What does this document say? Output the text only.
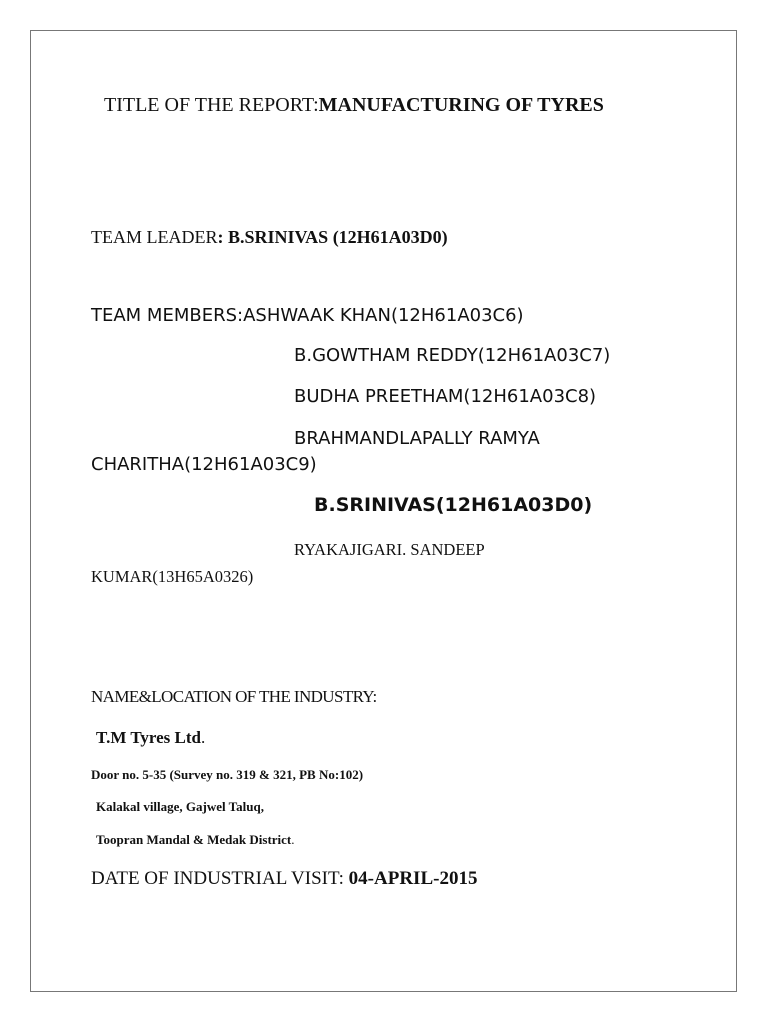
TITLE OF THE REPORT:MANUFACTURING OF TYRES
TEAM LEADER: B.SRINIVAS (12H61A03D0)
TEAM MEMBERS:ASHWAAK KHAN(12H61A03C6)
B.GOWTHAM REDDY(12H61A03C7)
BUDHA PREETHAM(12H61A03C8)
BRAHMANDLAPALLY RAMYA
CHARITHA(12H61A03C9)
B.SRINIVAS(12H61A03D0)
RYAKAJIGARI. SANDEEP
KUMAR(13H65A0326)
NAME&LOCATION OF THE INDUSTRY:
T.M Tyres Ltd.
Door no. 5-35 (Survey no. 319 & 321, PB No:102)
Kalakal village, Gajwel Taluq,
Toopran Mandal & Medak District.
DATE OF INDUSTRIAL VISIT: 04-APRIL-2015
